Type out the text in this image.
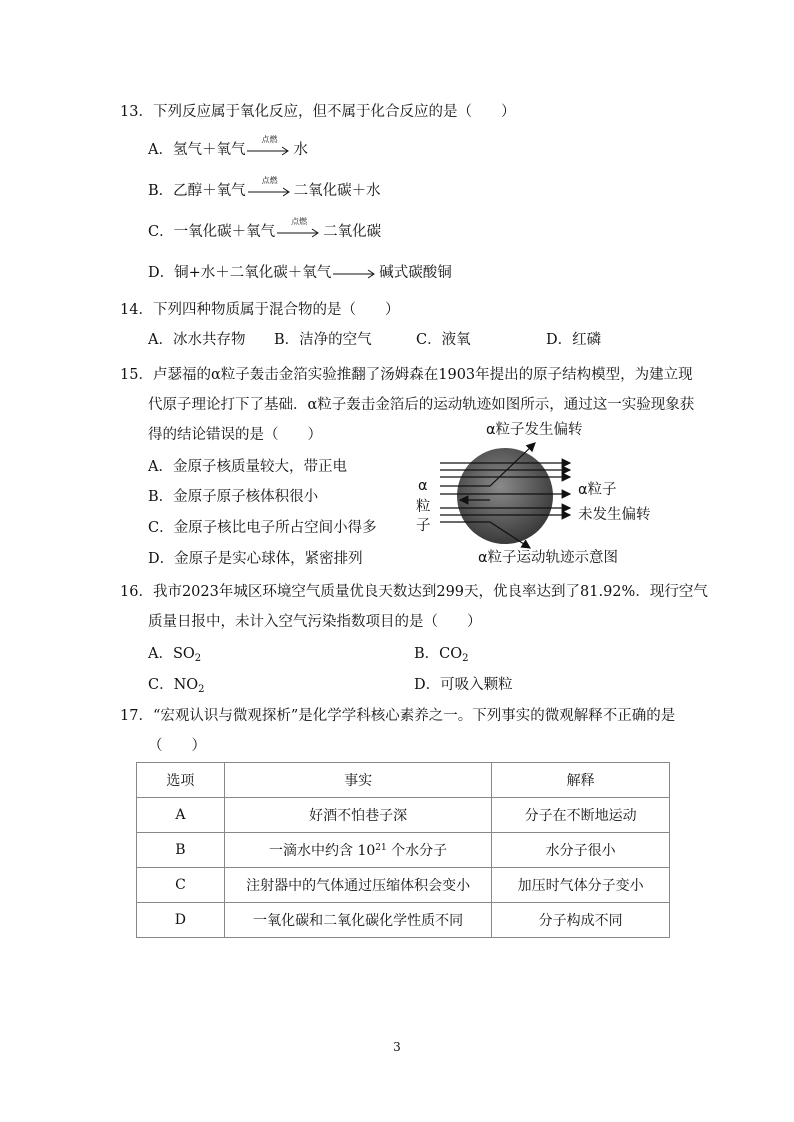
13．下列反应属于氧化反应，但不属于化合反应的是（　　）
A．氢气＋氧气
点燃
水
B．乙醇＋氧气
点燃
二氧化碳＋水
C．一氧化碳＋氧气
点燃
二氧化碳
D．铜+水＋二氧化碳＋氧气 → 碱式碳酸铜
14．下列四种物质属于混合物的是（　　）
A．冰水共存物 B．洁净的空气	C．液氧	D．红磷
15．卢瑟福的α粒子轰击金箔实验推翻了汤姆森在1903年提出的原子结构模型，为建立现
代原子理论打下了基础．α粒子轰击金箔后的运动轨迹如图所示，通过这一实验现象获
得的结论错误的是（　　）
A．金原子核质量较大，带正电
B．金原子原子核体积很小
C．金原子核比电子所占空间小得多
D．金原子是实心球体，紧密排列
α粒子发生偏转
α
粒
子
α粒子
未发生偏转
α粒子运动轨迹示意图
16．我市2023年城区环境空气质量优良天数达到299天，优良率达到了81.92%．现行空气
质量日报中，未计入空气污染指数项目的是（　　）
A．$SO_2$	B．$CO_2$
C．$NO_2$	D．可吸入颗粒
17．“宏观认识与微观探析”是化学学科核心素养之一。下列事实的微观解释不正确的是
（　　）
选项	事实	解释
A	好酒不怕巷子深	分子在不断地运动
B	一滴水中约含 $10^{21}$ 个水分子	水分子很小
C	注射器中的气体通过压缩体积会变小	加压时气体分子变小
D	一氧化碳和二氧化碳化学性质不同	分子构成不同
3
